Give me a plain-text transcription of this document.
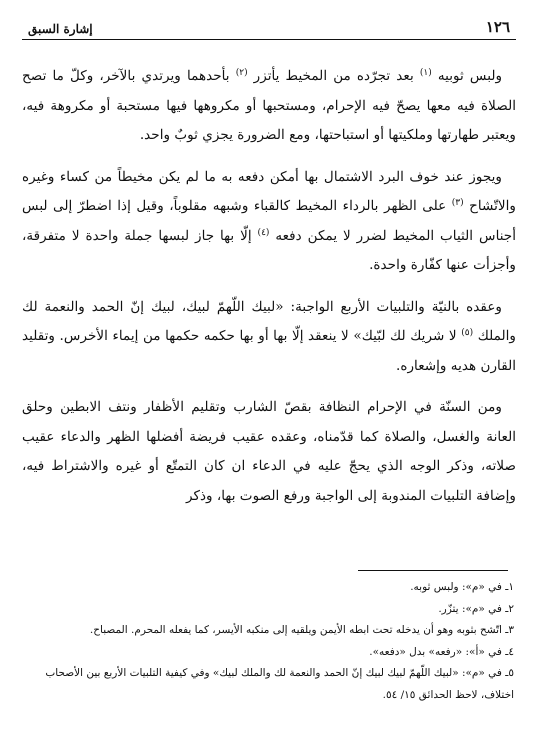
١٢٦
إشارة السبق

ولبس ثوبيه $^{(١)}$ بعد تجرّده من المخيط يأتزر $^{(٢)}$ بأحدهما ويرتدي بالآخر، وكلّ ما تصح الصلاة فيه معها يصحّ فيه الإحرام، ومستحبها أو مكروهها فيها مستحبة أو مكروهة فيه، ويعتبر طهارتها وملكيتها أو استباحتها، ومع الضرورة يجزي ثوبٌ واحد.

ويجوز عند خوف البرد الاشتمال بها أمكن دفعه به ما لم يكن مخيطاً من كساء وغيره والاتّشاح $^{(٣)}$ على الظهر بالرداء المخيط كالقباء وشبهه مقلوباً، وقيل إذا اضطرّ إلى لبس أجناس الثياب المخيط لضرر لا يمكن دفعه $^{(٤)}$ إلّا بها جاز لبسها جملة واحدة لا متفرقة، وأجزأت عنها كفّارة واحدة.

وعقده بالنيّة والتلبيات الأربع الواجبة: «لبيك اللّهمّ لبيك، لبيك إنّ الحمد والنعمة لك والملك $^{(٥)}$ لا شريك لك لبّيك» لا ينعقد إلّا بها أو بها حكمه حكمها من إيماء الأخرس. وتقليد القارن هديه وإشعاره.

ومن السنّة في الإحرام النظافة بقصّ الشارب وتقليم الأظفار ونتف الابطين وحلق العانة والغسل، والصلاة كما قدّمناه، وعقده عقيب فريضة أفضلها الظهر والدعاء عقيب صلاته، وذكر الوجه الذي يحجّ عليه في الدعاء ان كان التمتّع أو غيره والاشتراط فيه، وإضافة التلبيات المندوبة إلى الواجبة ورفع الصوت بها، وذكر

١ـ في «م»: ولبس ثوبه.
٢ـ في «م»: يتزّر.
٣ـ اتّشح بثوبه وهو أن يدخله تحت ابطه الأيمن ويلقيه إلى منكبه الأيسر، كما يفعله المحرم. المصباح.
٤ـ في «أ»: «رفعه» بدل «دفعه».
٥ـ في «م»: «لبيك اللّهمّ لبيك لبيك إنّ الحمد والنعمة لك والملك لبيك» وفي كيفية التلبيات الأربع بين الأصحاب اختلاف، لاحظ الحدائق ١٥/ ٥٤.
